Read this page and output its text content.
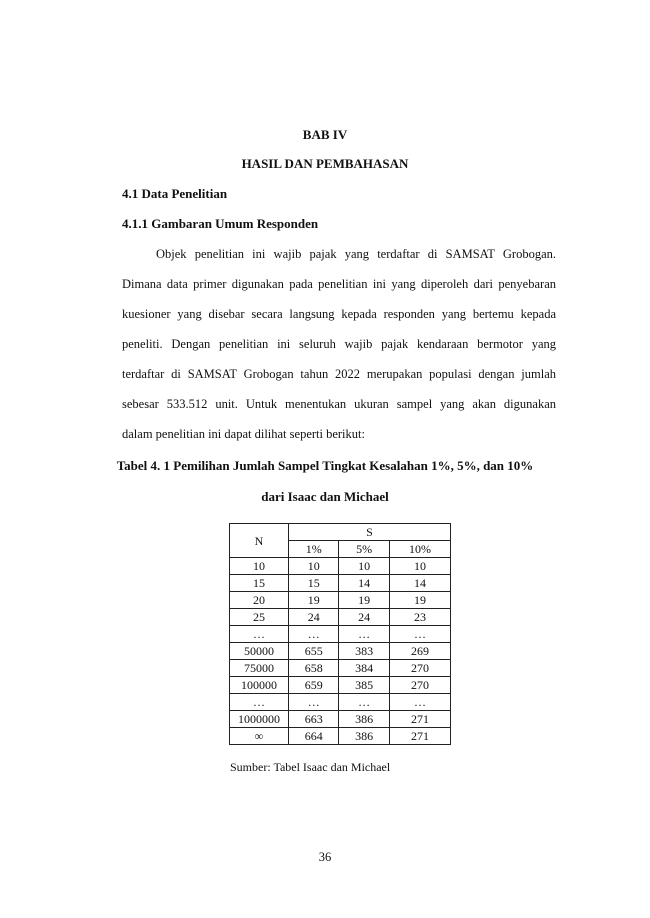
BAB IV
HASIL DAN PEMBAHASAN
4.1 Data Penelitian
4.1.1 Gambaran Umum Responden
Objek penelitian ini wajib pajak yang terdaftar di SAMSAT Grobogan.
Dimana data primer digunakan pada penelitian ini yang diperoleh dari penyebaran
kuesioner yang disebar secara langsung kepada responden yang bertemu kepada
peneliti. Dengan penelitian ini seluruh wajib pajak kendaraan bermotor yang
terdaftar di SAMSAT Grobogan tahun 2022 merupakan populasi dengan jumlah
sebesar 533.512 unit. Untuk menentukan ukuran sampel yang akan digunakan
dalam penelitian ini dapat dilihat seperti berikut:
Tabel 4. 1 Pemilihan Jumlah Sampel Tingkat Kesalahan 1%, 5%, dan 10%
dari Isaac dan Michael
N	S		
	1%	5%	10%
10	10	10	10
15	15	14	14
20	19	19	19
25	24	24	23
…	…	…	…
50000	655	383	269
75000	658	384	270
100000	659	385	270
…	…	…	…
1000000	663	386	271
∞	664	386	271
Sumber: Tabel Isaac dan Michael
36
